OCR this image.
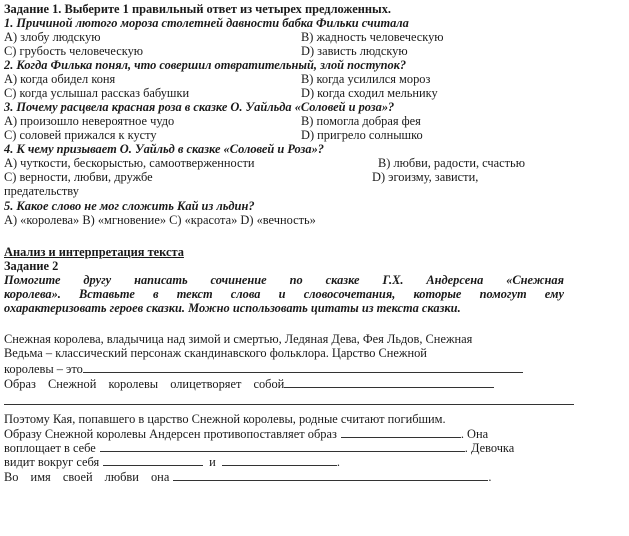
Задание 1. Выберите 1 правильный ответ из четырех предложенных.
1. Причиной лютого мороза столетней давности бабка Фильки считала
A) злобу людскую	B) жадность человеческую
C) грубость человеческую	D) зависть людскую
2. Когда Филька понял, что совершил отвратительный, злой поступок?
A) когда обидел коня	B) когда усилился мороз
C) когда услышал рассказ бабушки	D) когда сходил мельнику
3. Почему расцвела красная роза в сказке О. Уайльда «Соловей и роза»?
A) произошло невероятное чудо	B) помогла добрая фея
C) соловей прижался к кусту	D) пригрело солнышко
4. К чему призывает О. Уайльд в сказке «Соловей и Роза»?
A) чуткости, бескорыстью, самоотверженности	B) любви, радости, счастью
C) верности, любви, дружбе	D) эгоизму, зависти,
предательству
5. Какое слово не мог сложить Кай из льдин?
A) «королева» B) «мгновение» C) «красота» D) «вечность»
Анализ и интерпретация текста
Задание 2
Помогите другу написать сочинение по сказке Г.Х. Андерсена «Снежная
королева». Вставьте в текст слова и словосочетания, которые помогут ему
охарактеризовать героев сказки. Можно использовать цитаты из текста сказки.
Снежная королева, владычица над зимой и смертью, Ледяная Дева, Фея Льдов, Снежная
Ведьма – классический персонаж скандинавского фольклора. Царство Снежной
королевы – это
Образ Снежной королевы олицетворяет собой
Поэтому Кая, попавшего в царство Снежной королевы, родные считают погибшим.
Образу Снежной королевы Андерсен противопоставляет образ	. Она
воплощает в себе	. Девочка
видит вокруг себя	и	.
Во имя своей любви она	.
